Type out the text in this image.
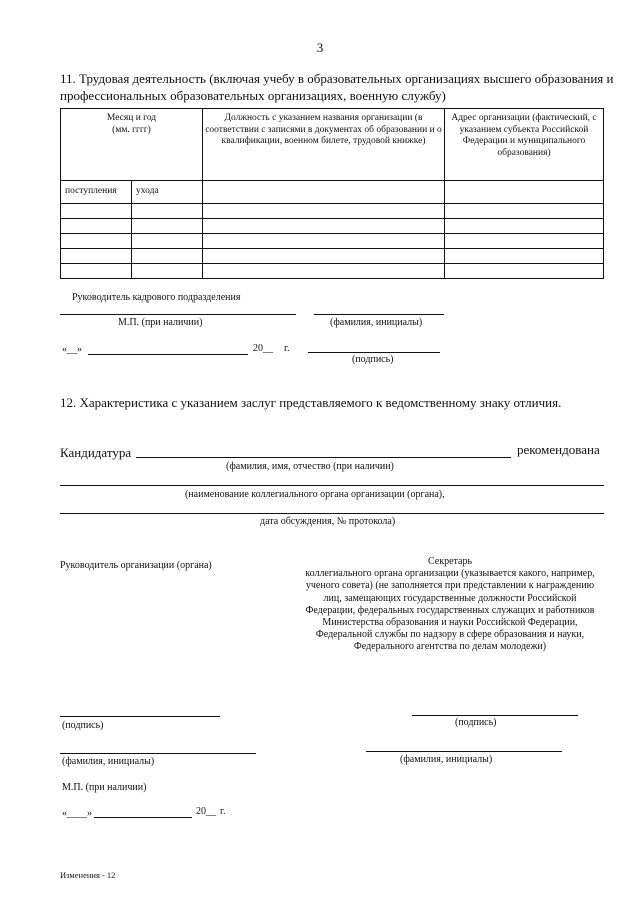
3
11. Трудовая деятельность (включая учебу в образовательных организациях высшего образования и профессиональных образовательных организациях, военную службу)
Месяц и год
(мм. гггг)		Должность с указанием названия организации (в соответствии с записями в документах об образовании и о квалификации, военном билете, трудовой книжке)	Адрес организации (фактический, с указанием субъекта Российской Федерации и муниципального образования)
поступления	ухода		

Руководитель кадрового подразделения
М.П. (при наличии)	(фамилия, инициалы)
«__»	20__ г.
(подпись)
12. Характеристика с указанием заслуг представляемого к ведомственному знаку отличия.
Кандидатура	рекомендована
(фамилия, имя, отчество (при наличии)
(наименование коллегиального органа организации (органа),
дата обсуждения, № протокола)
Руководитель организации (органа)	Секретарь
коллегиального органа организации (указывается какого, например, ученого совета) (не заполняется при представлении к награждению лиц, замещающих государственные должности Российской Федерации, федеральных государственных служащих и работников Министерства образования и науки Российской Федерации, Федеральной службы по надзору в сфере образования и науки, Федерального агентства по делам молодежи)
(подпись)	(подпись)
(фамилия, инициалы)	(фамилия, инициалы)
М.П. (при наличии)
«____»	20__ г.
Изменения - 12
